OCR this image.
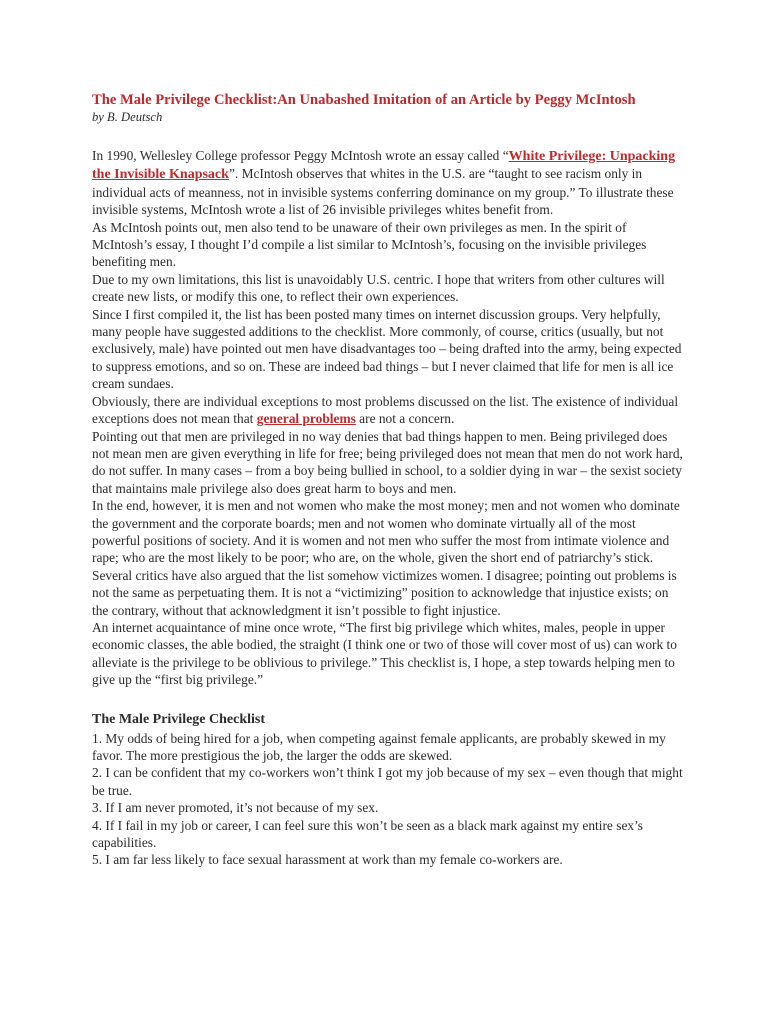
The Male Privilege Checklist:An Unabashed Imitation of an Article by Peggy McIntosh
by B. Deutsch

In 1990, Wellesley College professor Peggy McIntosh wrote an essay called “White Privilege: Unpacking the Invisible Knapsack”. McIntosh observes that whites in the U.S. are “taught to see racism only in individual acts of meanness, not in invisible systems conferring dominance on my group.” To illustrate these invisible systems, McIntosh wrote a list of 26 invisible privileges whites benefit from.

As McIntosh points out, men also tend to be unaware of their own privileges as men. In the spirit of McIntosh’s essay, I thought I’d compile a list similar to McIntosh’s, focusing on the invisible privileges benefiting men.

Due to my own limitations, this list is unavoidably U.S. centric. I hope that writers from other cultures will create new lists, or modify this one, to reflect their own experiences.

Since I first compiled it, the list has been posted many times on internet discussion groups. Very helpfully, many people have suggested additions to the checklist. More commonly, of course, critics (usually, but not exclusively, male) have pointed out men have disadvantages too – being drafted into the army, being expected to suppress emotions, and so on. These are indeed bad things – but I never claimed that life for men is all ice cream sundaes.

Obviously, there are individual exceptions to most problems discussed on the list. The existence of individual exceptions does not mean that general problems are not a concern.

Pointing out that men are privileged in no way denies that bad things happen to men. Being privileged does not mean men are given everything in life for free; being privileged does not mean that men do not work hard, do not suffer. In many cases – from a boy being bullied in school, to a soldier dying in war – the sexist society that maintains male privilege also does great harm to boys and men.

In the end, however, it is men and not women who make the most money; men and not women who dominate the government and the corporate boards; men and not women who dominate virtually all of the most powerful positions of society. And it is women and not men who suffer the most from intimate violence and rape; who are the most likely to be poor; who are, on the whole, given the short end of patriarchy’s stick.

Several critics have also argued that the list somehow victimizes women. I disagree; pointing out problems is not the same as perpetuating them. It is not a “victimizing” position to acknowledge that injustice exists; on the contrary, without that acknowledgment it isn’t possible to fight injustice.

An internet acquaintance of mine once wrote, “The first big privilege which whites, males, people in upper economic classes, the able bodied, the straight (I think one or two of those will cover most of us) can work to alleviate is the privilege to be oblivious to privilege.” This checklist is, I hope, a step towards helping men to give up the “first big privilege.”

The Male Privilege Checklist

1. My odds of being hired for a job, when competing against female applicants, are probably skewed in my favor. The more prestigious the job, the larger the odds are skewed.

2. I can be confident that my co-workers won’t think I got my job because of my sex – even though that might be true.

3. If I am never promoted, it’s not because of my sex.

4. If I fail in my job or career, I can feel sure this won’t be seen as a black mark against my entire sex’s capabilities.

5. I am far less likely to face sexual harassment at work than my female co-workers are.
